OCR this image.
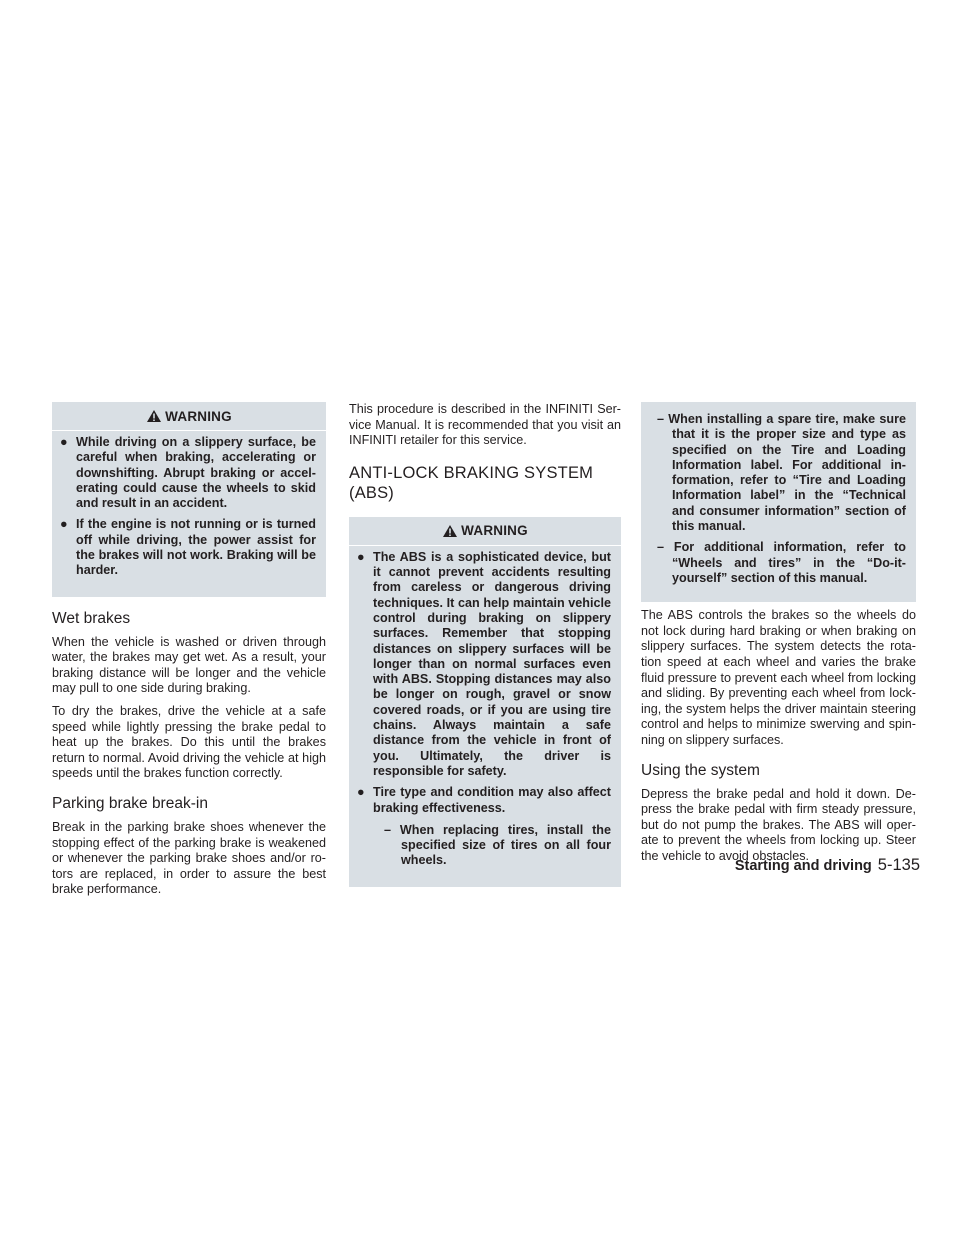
WARNING
● While driving on a slippery surface, be careful when braking, accelerating or downshifting. Abrupt braking or accelerating could cause the wheels to skid and result in an accident.
● If the engine is not running or is turned off while driving, the power assist for the brakes will not work. Braking will be harder.
Wet brakes

When the vehicle is washed or driven through water, the brakes may get wet. As a result, your braking distance will be longer and the vehicle may pull to one side during braking.

To dry the brakes, drive the vehicle at a safe speed while lightly pressing the brake pedal to heat up the brakes. Do this until the brakes return to normal. Avoid driving the vehicle at high speeds until the brakes function correctly.

Parking brake break-in

Break in the parking brake shoes whenever the stopping effect of the parking brake is weakened or whenever the parking brake shoes and/or rotors are replaced, in order to assure the best brake performance.

This procedure is described in the INFINITI Service Manual. It is recommended that you visit an INFINITI retailer for this service.

ANTI-LOCK BRAKING SYSTEM (ABS)
WARNING
● The ABS is a sophisticated device, but it cannot prevent accidents resulting from careless or dangerous driving techniques. It can help maintain vehicle control during braking on slippery surfaces. Remember that stopping distances on slippery surfaces will be longer than on normal surfaces even with ABS. Stopping distances may also be longer on rough, gravel or snow covered roads, or if you are using tire chains. Always maintain a safe distance from the vehicle in front of you. Ultimately, the driver is responsible for safety.
● Tire type and condition may also affect braking effectiveness.
– When replacing tires, install the specified size of tires on all four wheels.
– When installing a spare tire, make sure that it is the proper size and type as specified on the Tire and Loading Information label. For additional information, refer to “Tire and Loading Information label” in the “Technical and consumer information” section of this manual.
– For additional information, refer to “Wheels and tires” in the “Do-it-yourself” section of this manual.

The ABS controls the brakes so the wheels do not lock during hard braking or when braking on slippery surfaces. The system detects the rotation speed at each wheel and varies the brake fluid pressure to prevent each wheel from locking and sliding. By preventing each wheel from locking, the system helps the driver maintain steering control and helps to minimize swerving and spinning on slippery surfaces.

Using the system

Depress the brake pedal and hold it down. Depress the brake pedal with firm steady pressure, but do not pump the brakes. The ABS will operate to prevent the wheels from locking up. Steer the vehicle to avoid obstacles.

Starting and driving 5-135
